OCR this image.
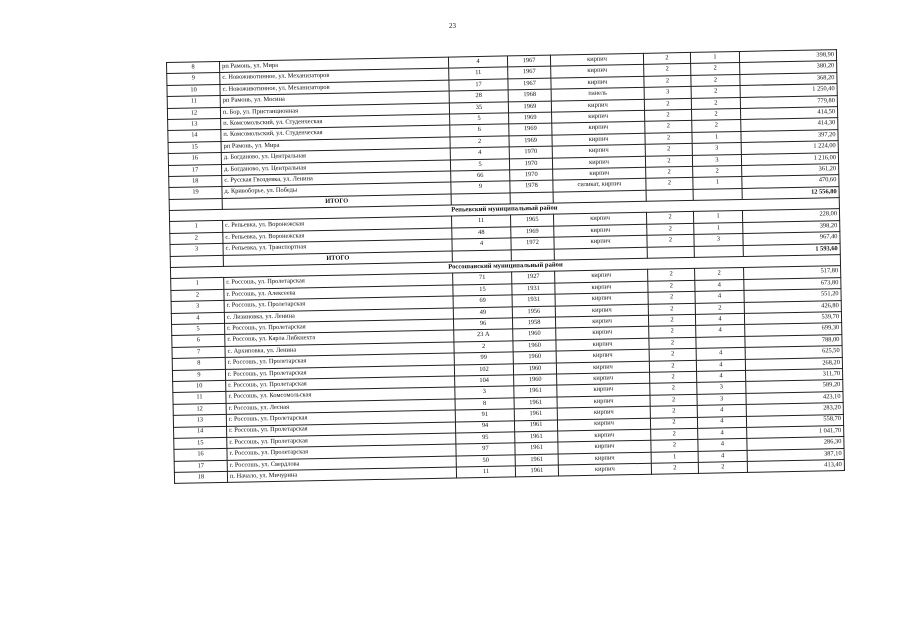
23
8	рп Рамонь, ул. Мира	4	1967	кирпич	2	1	398,90
9	с. Новоживотинное, ул. Механизаторов	11	1967	кирпич	2	2	380,20
10	с. Новоживотинное, ул. Механизаторов	17	1967	кирпич	2	2	368,20
11	рп Рамонь, ул. Мосина	28	1968	панель	3	2	1 250,40
12	п. Бор, ул. Пристанционная	35	1969	кирпич	2	2	779,80
13	п. Комсомольский, ул. Студенческая	5	1969	кирпич	2	2	414,50
14	п. Комсомольский, ул. Студенческая	6	1969	кирпич	2	2	414,30
15	рп Рамонь, ул. Мира	2	1969	кирпич	2	1	397,20
16	д. Богданово, ул. Центральная	4	1970	кирпич	2	3	1 224,00
17	д. Богданово, ул. Центральная	5	1970	кирпич	2	3	1 216,00
18	с. Русская Гвоздевка, ул. Ленина	66	1970	кирпич	2	2	361,20
19	д. Кривоборье, ул. Победы	9	1978	силикат, кирпич	2	1	470,60
	ИТОГО						12 556,80
Репьевский муниципальный район							
1	с. Репьевка, ул. Воронежская	11	1965	кирпич	2	1	228,00
2	с. Репьевка, ул. Воронежская	48	1969	кирпич	2	1	398,20
3	с. Репьевка, ул. Транспортная	4	1972	кирпич	2	3	967,40
	ИТОГО						1 593,60
Россошанский муниципальный район							
1	г. Россошь, ул. Пролетарская	71	1927	кирпич	2	2	517,80
2	г. Россошь, ул. Алексеева	15	1931	кирпич	2	4	673,80
3	г. Россошь, ул. Пролетарская	69	1931	кирпич	2	4	551,20
4	с. Лизиновка, ул. Ленина	49	1956	кирпич	2	2	426,80
5	г. Россошь, ул. Пролетарская	96	1958	кирпич	2	4	539,70
6	г. Россошь, ул. Карла Либкнехта	23 А	1960	кирпич	2	4	699,30
7	с. Архиповка, ул. Ленина	2	1960	кирпич	2		788,00
8	г. Россошь, ул. Пролетарская	99	1960	кирпич	2	4	625,50
9	г. Россошь, ул. Пролетарская	102	1960	кирпич	2	4	268,20
10	г. Россошь, ул. Пролетарская	104	1960	кирпич	2	4	311,70
11	г. Россошь, ул. Комсомольская	3	1961	кирпич	2	3	589,20
12	г. Россошь, ул. Лесная	8	1961	кирпич	2	3	423,10
13	г. Россошь, ул. Пролетарская	91	1961	кирпич	2	4	283,20
14	г. Россошь, ул. Пролетарская	94	1961	кирпич	2	4	558,70
15	г. Россошь, ул. Пролетарская	95	1961	кирпич	2	4	1 041,70
16	г. Россошь, ул. Пролетарская	97	1961	кирпич	2	4	286,30
17	г. Россошь, ул. Свердлова	50	1961	кирпич	1	4	387,10
18	п. Начало, ул. Мичурина	11	1961	кирпич	2	2	413,40
